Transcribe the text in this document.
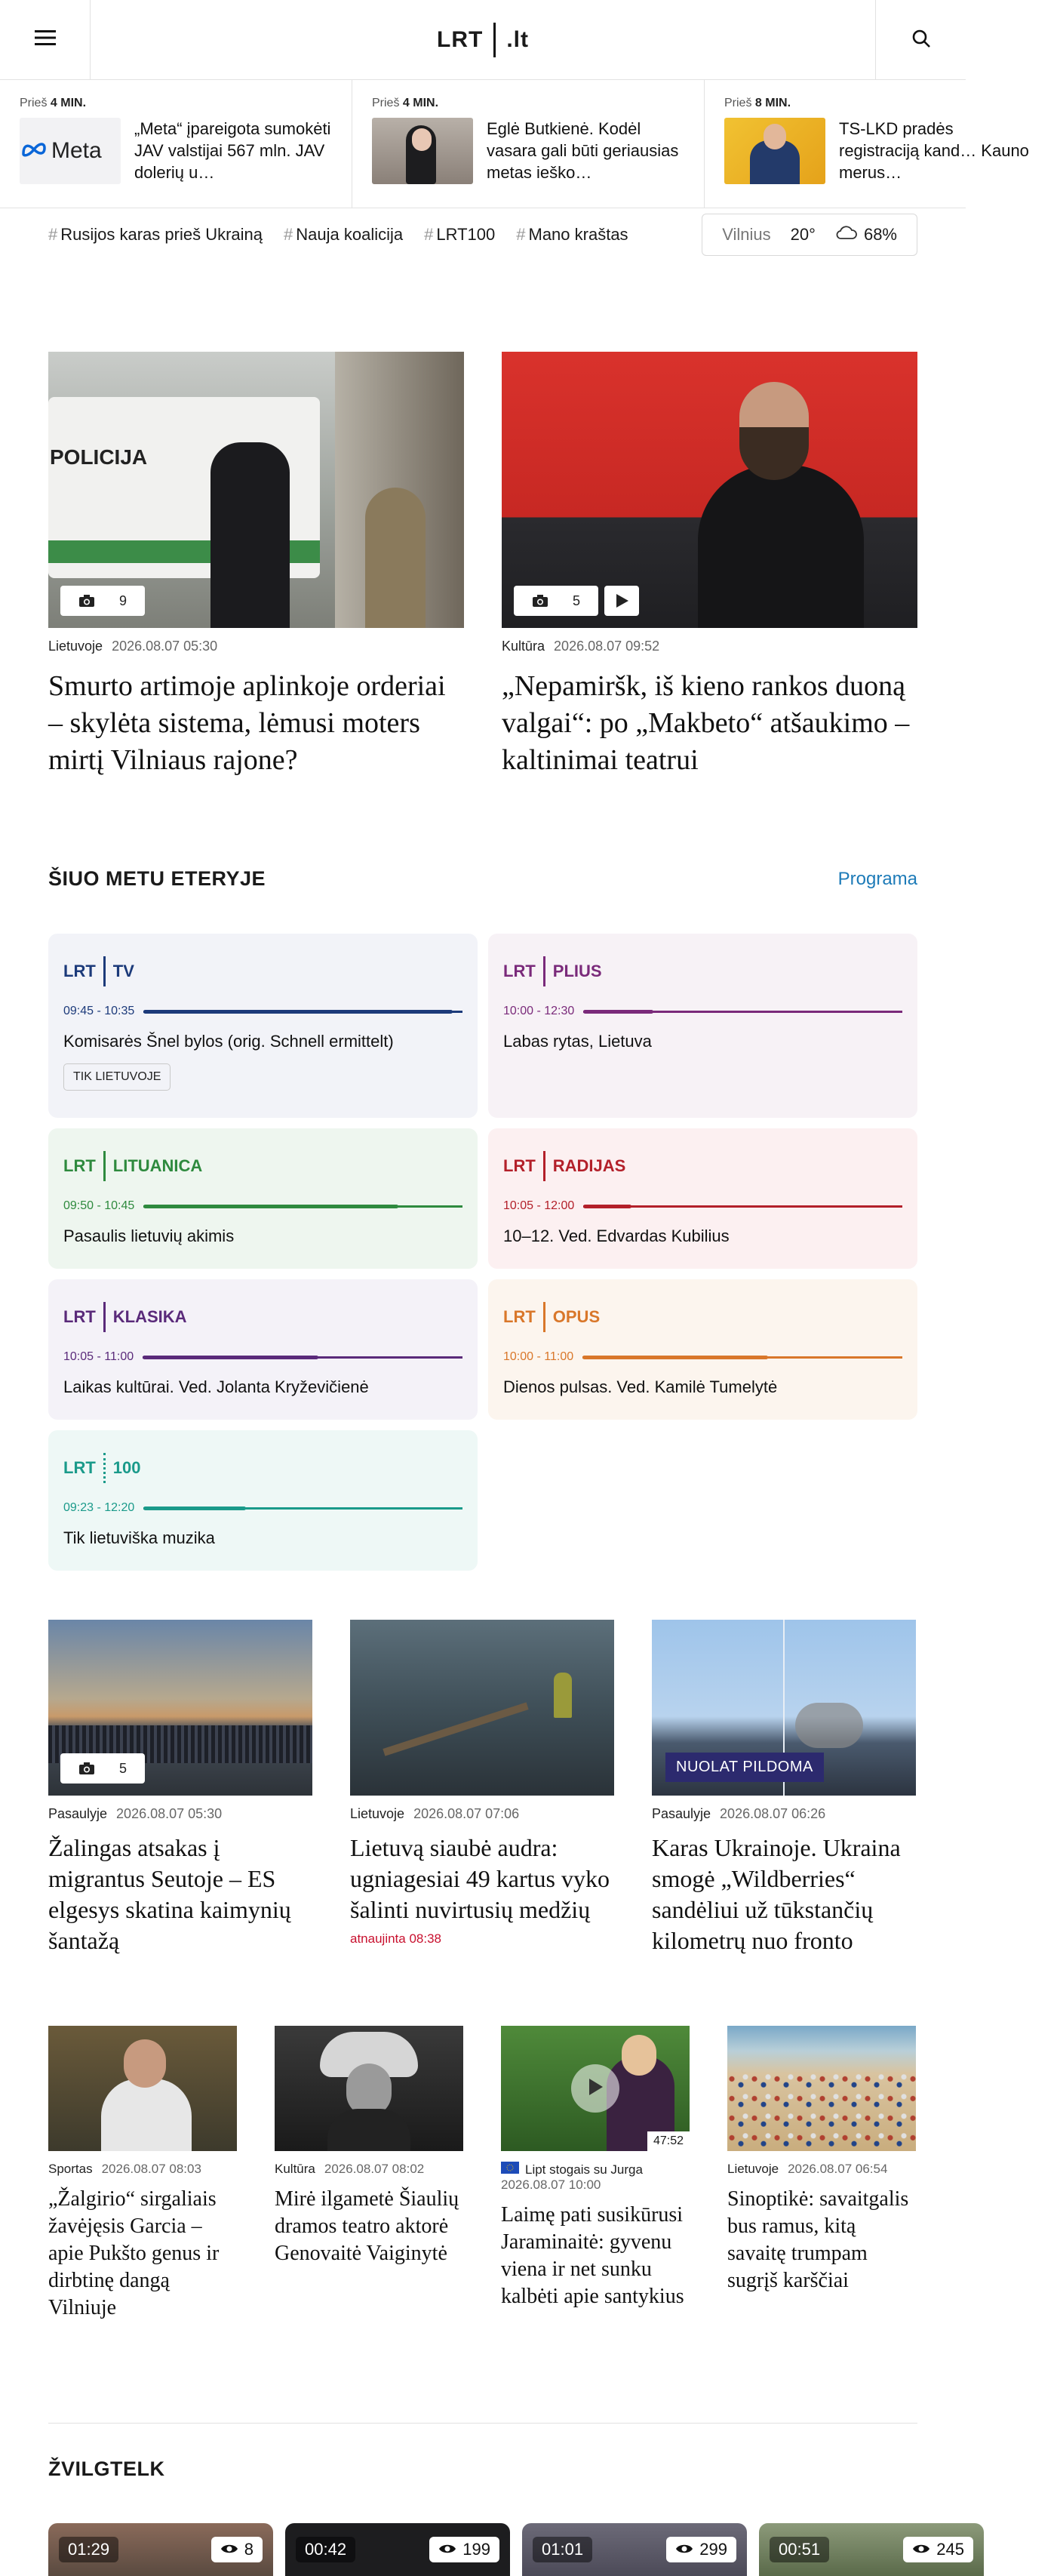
LRT .lt
Prieš 4 MIN.
Meta
„Meta“ įpareigota sumokėti JAV valstijai 567 mln. JAV dolerių u…
Prieš 4 MIN.
Eglė Butkienė. Kodėl vasara gali būti geriausias metas ieško…
Prieš 8 MIN.
TS-LKD pradės registraciją kand… Kauno merus…
# Rusijos karas prieš Ukrainą # Nauja koalicija # LRT100 # Mano kraštas	Vilnius 20°	68%
POLICIJA
9
Lietuvoje 2026.08.07 05:30
Smurto artimoje aplinkoje orderiai – skylėta sistema, lėmusi moters mirtį Vilniaus rajone?
5
Kultūra 2026.08.07 09:52
„Nepamiršk, iš kieno rankos duoną valgai“: po „Makbeto“ atšaukimo – kaltinimai teatrui
ŠIUO METU ETERYJE	Programa
LRT TV
09:45 - 10:35
Komisarės Šnel bylos (orig. Schnell ermittelt)
TIK LIETUVOJE
LRT PLIUS
10:00 - 12:30
Labas rytas, Lietuva
LRT LITUANICA
09:50 - 10:45
Pasaulis lietuvių akimis
LRT RADIJAS
10:05 - 12:00
10–12. Ved. Edvardas Kubilius
LRT KLASIKA
10:05 - 11:00
Laikas kultūrai. Ved. Jolanta Kryževičienė
LRT OPUS
10:00 - 11:00
Dienos pulsas. Ved. Kamilė Tumelytė
LRT 100
09:23 - 12:20
Tik lietuviška muzika
5
Pasaulyje 2026.08.07 05:30
Žalingas atsakas į migrantus Seutoje – ES elgesys skatina kaimynių šantažą
Lietuvoje 2026.08.07 07:06
Lietuvą siaubė audra: ugniagesiai 49 kartus vyko šalinti nuvirtusių medžių
atnaujinta 08:38
NUOLAT PILDOMA
Pasaulyje 2026.08.07 06:26
Karas Ukrainoje. Ukraina smogė „Wildberries“ sandėliui už tūkstančių kilometrų nuo fronto
Sportas 2026.08.07 08:03
„Žalgirio“ sirgaliais žavėjęsis Garcia – apie Pukšto genus ir dirbtinę dangą Vilniuje
Kultūra 2026.08.07 08:02
Mirė ilgametė Šiaulių dramos teatro aktorė Genovaitė Vaiginytė
47:52
Lipt stogais su Jurga
2026.08.07 10:00
Laimę pati susikūrusi Jaraminaitė: gyvenu viena ir net sunku kalbėti apie santykius
Lietuvoje 2026.08.07 06:54
Sinoptikė: savaitgalis bus ramus, kitą savaitę trumpam sugrįš karščiai
ŽVILGTELK
01:29	8	00:42	199	01:01	299	00:51	245
